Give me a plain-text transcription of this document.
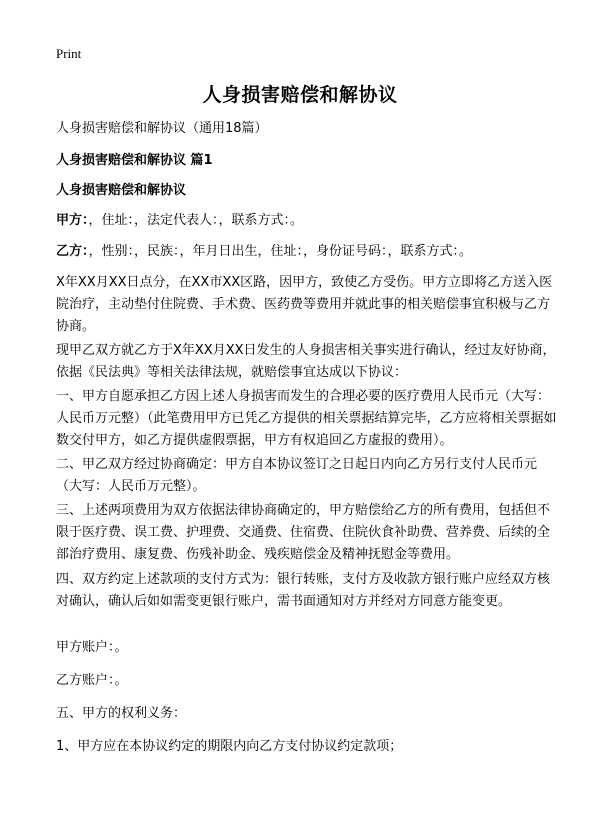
Print
人身损害赔偿和解协议
人身损害赔偿和解协议（通用18篇）
人身损害赔偿和解协议 篇1
人身损害赔偿和解协议
甲方：，住址：，法定代表人：，联系方式：。
乙方：，性别：，民族：，年月日出生，住址：，身份证号码：，联系方式：。
X年XX月XX日点分，在XX市XX区路，因甲方，致使乙方受伤。甲方立即将乙方送入医院治疗，主动垫付住院费、手术费、医药费等费用并就此事的相关赔偿事宜积极与乙方协商。
现甲乙双方就乙方于X年XX月XX日发生的人身损害相关事实进行确认，经过友好协商，依据《民法典》等相关法律法规，就赔偿事宜达成以下协议：
一、甲方自愿承担乙方因上述人身损害而发生的合理必要的医疗费用人民币元（大写：人民币万元整）（此笔费用甲方已凭乙方提供的相关票据结算完毕，乙方应将相关票据如数交付甲方，如乙方提供虚假票据，甲方有权追回乙方虚报的费用）。
二、甲乙双方经过协商确定：甲方自本协议签订之日起日内向乙方另行支付人民币元（大写：人民币万元整）。
三、上述两项费用为双方依据法律协商确定的，甲方赔偿给乙方的所有费用，包括但不限于医疗费、误工费、护理费、交通费、住宿费、住院伙食补助费、营养费、后续的全部治疗费用、康复费、伤残补助金、残疾赔偿金及精神抚慰金等费用。
四、双方约定上述款项的支付方式为：银行转账，支付方及收款方银行账户应经双方核对确认，确认后如如需变更银行账户，需书面通知对方并经对方同意方能变更。
甲方账户：。
乙方账户：。
五、甲方的权利义务：
1、甲方应在本协议约定的期限内向乙方支付协议约定款项；
